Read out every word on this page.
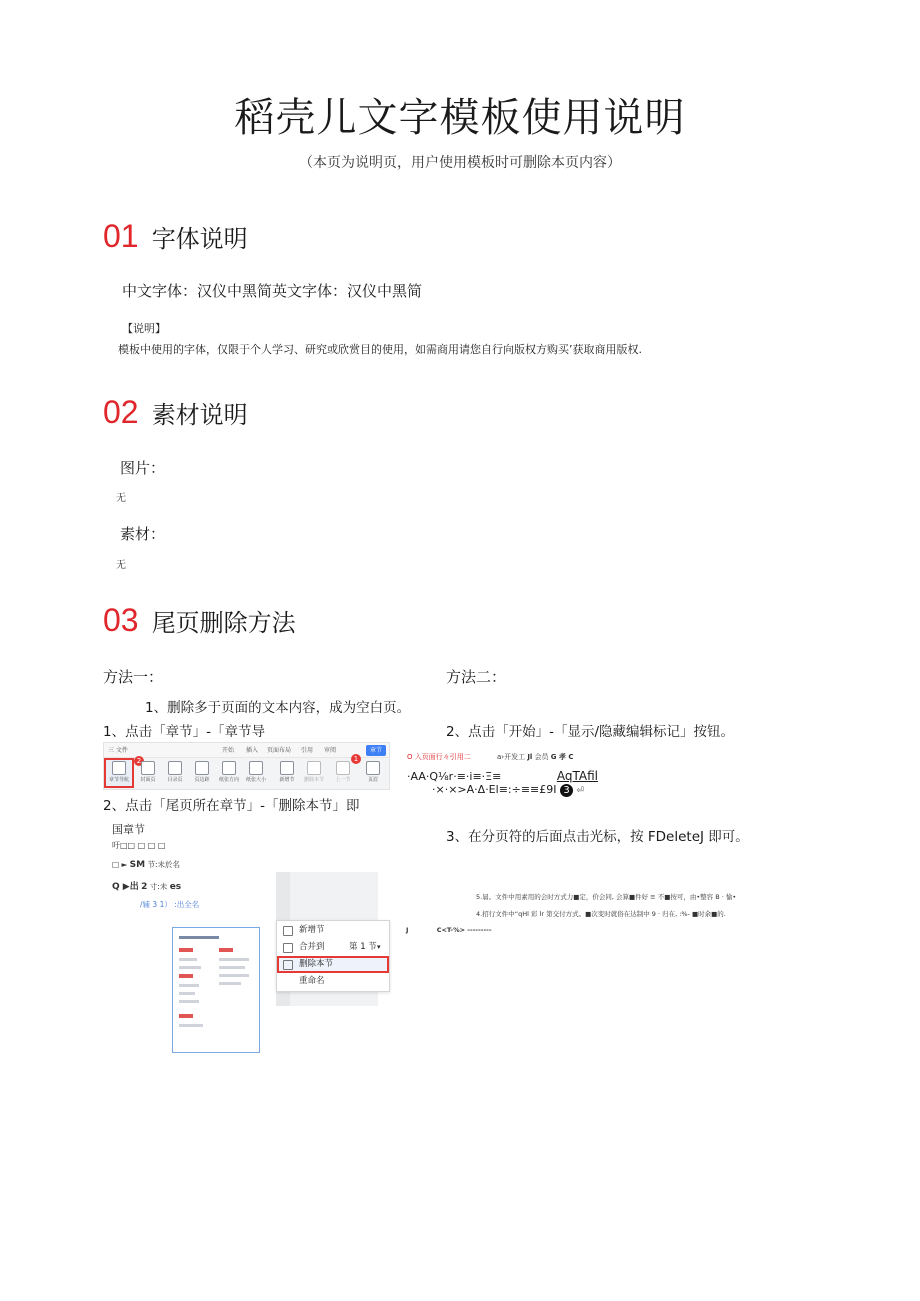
稻壳儿文字模板使用说明
（本页为说明页，用户使用模板时可删除本页内容）
01 字体说明
中文字体：汉仪中黑简英文字体：汉仪中黑简
【说明】
模板中使用的字体，仅限于个人学习、研究或欣赏目的使用，如需商用请您自行向版权方购买’获取商用版权.
02 素材说明
图片：
无
素材：
无
03 尾页删除方法
方法一：
1、删除多于页面的文本内容，成为空白页。
1、点击「章节」-「章节导
三 文件	开始 插入 页面布局 引用 审阅	章节
1
章节导航
2
封面页	目录页	页边距	纸张方向	纸张大小	新增节	删除本节	上一节	页眉
2、点击「尾页所在章节」-「删除本节」即
国章节
吁□□ □ □ □
□ ► SM 节:未於名
Q ▶出 2 寸:未 es
/辅 3 1） :出全名
新增节
合并到	第 1 节 ▾
删除本节
重命名
方法二：
2、点击「开始」-「显示/隐藏编辑标记」按钮。
O 入页面行々引用二	a›开发工 Jl 会员 G 孝 C
·AA·Q⅛r·≡·i≡·Ξ≡	AqTAfil
·×·×>A·Δ·El≡:÷≡≡£9I 3 ⏎
3、在分页符的后面点击光标，按 FDeleteJ 即可。
5.届。文件中用素用的会时方式力■定，价会同, 会算■件好 ≡ 不■按可，由•整容 B · 愉•
4.招行文件中“qHl 彩 lr 第交付方式。■次变时就俗在达制中 9 · 归在, :%- ■时余■的.
J	C<T-%> ---------
